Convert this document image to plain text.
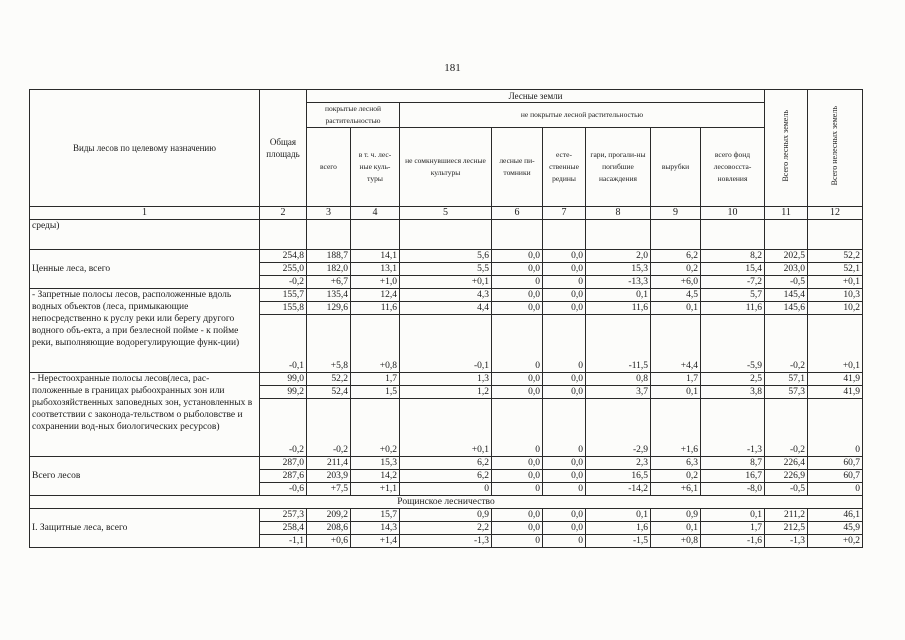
181
Виды лесов по целевому назначению	Общая площадь	Лесные земли								Всего лесных земель	Всего нелесных земель
		покрытые лесной растительностью		не покрытые лесной растительностью							
		всего	в т. ч. лес-ные куль-туры	не сомкнувшиеся лесные культуры	лесные пи-томники	есте-ственные редины	гари, прогали-ны погибшие насаждения	вырубки	всего фонд лесовосста-новления		
1	2	3	4	5	6	7	8	9	10	11	12
среды)											
Ценные леса, всего	254,8	188,7	14,1	5,6	0,0	0,0	2,0	6,2	8,2	202,5	52,2
	255,0	182,0	13,1	5,5	0,0	0,0	15,3	0,2	15,4	203,0	52,1
	-0,2	+6,7	+1,0	+0,1	0	0	-13,3	+6,0	-7,2	-0,5	+0,1
- Запретные полосы лесов, расположенные вдоль водных объектов (леса, примыкающие непосредственно к руслу реки или берегу другого водного объ-екта, а при безлесной пойме - к пойме реки, выполняющие водорегулирующие функ-ции)	155,7	135,4	12,4	4,3	0,0	0,0	0,1	4,5	5,7	145,4	10,3
	155,8	129,6	11,6	4,4	0,0	0,0	11,6	0,1	11,6	145,6	10,2
	-0,1	+5,8	+0,8	-0,1	0	0	-11,5	+4,4	-5,9	-0,2	+0,1
- Нерестоохранные полосы лесов(леса, рас-положенные в границах рыбоохранных зон или рыбохозяйственных заповедных зон, установленных в соответствии с законода-тельством о рыболовстве и сохранении вод-ных биологических ресурсов)	99,0	52,2	1,7	1,3	0,0	0,0	0,8	1,7	2,5	57,1	41,9
	99,2	52,4	1,5	1,2	0,0	0,0	3,7	0,1	3,8	57,3	41,9
	-0,2	-0,2	+0,2	+0,1	0	0	-2,9	+1,6	-1,3	-0,2	0
Всего лесов	287,0	211,4	15,3	6,2	0,0	0,0	2,3	6,3	8,7	226,4	60,7
	287,6	203,9	14,2	6,2	0,0	0,0	16,5	0,2	16,7	226,9	60,7
	-0,6	+7,5	+1,1	0	0	0	-14,2	+6,1	-8,0	-0,5	0
Рощинское лесничество											
I. Защитные леса, всего	257,3	209,2	15,7	0,9	0,0	0,0	0,1	0,9	0,1	211,2	46,1
	258,4	208,6	14,3	2,2	0,0	0,0	1,6	0,1	1,7	212,5	45,9
	-1,1	+0,6	+1,4	-1,3	0	0	-1,5	+0,8	-1,6	-1,3	+0,2
